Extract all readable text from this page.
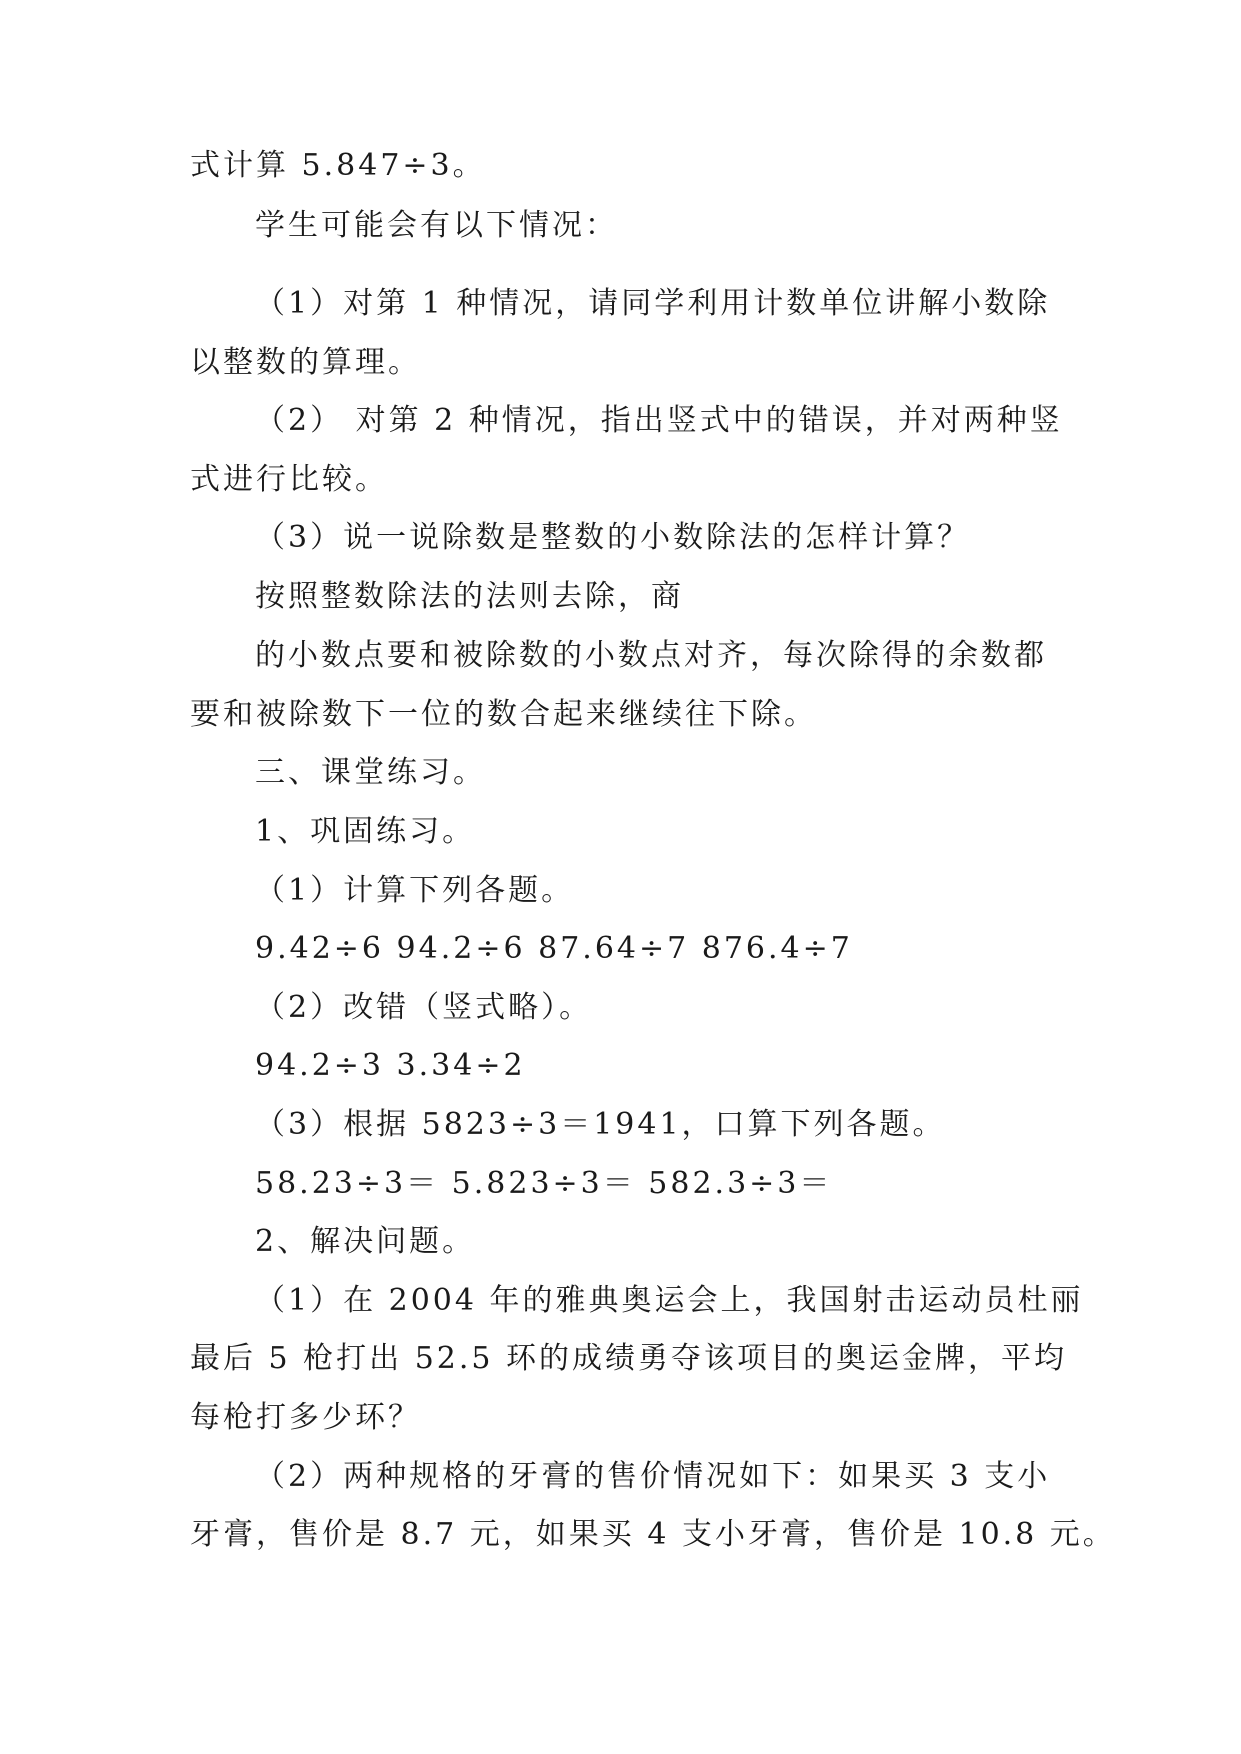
式计算 5.847÷3。
学生可能会有以下情况：
（1）对第 1 种情况，请同学利用计数单位讲解小数除
以整数的算理。
（2） 对第 2 种情况，指出竖式中的错误，并对两种竖
式进行比较。
（3）说一说除数是整数的小数除法的怎样计算？
按照整数除法的法则去除，商
的小数点要和被除数的小数点对齐，每次除得的余数都
要和被除数下一位的数合起来继续往下除。
三、课堂练习。
1、巩固练习。
（1）计算下列各题。
9.42÷6 94.2÷6 87.64÷7 876.4÷7
（2）改错（竖式略）。
94.2÷3 3.34÷2
（3）根据 5823÷3＝1941，口算下列各题。
58.23÷3＝ 5.823÷3＝ 582.3÷3＝
2、解决问题。
（1）在 2004 年的雅典奥运会上，我国射击运动员杜丽
最后 5 枪打出 52.5 环的成绩勇夺该项目的奥运金牌，平均
每枪打多少环？
（2）两种规格的牙膏的售价情况如下：如果买 3 支小
牙膏，售价是 8.7 元，如果买 4 支小牙膏，售价是 10.8 元。
